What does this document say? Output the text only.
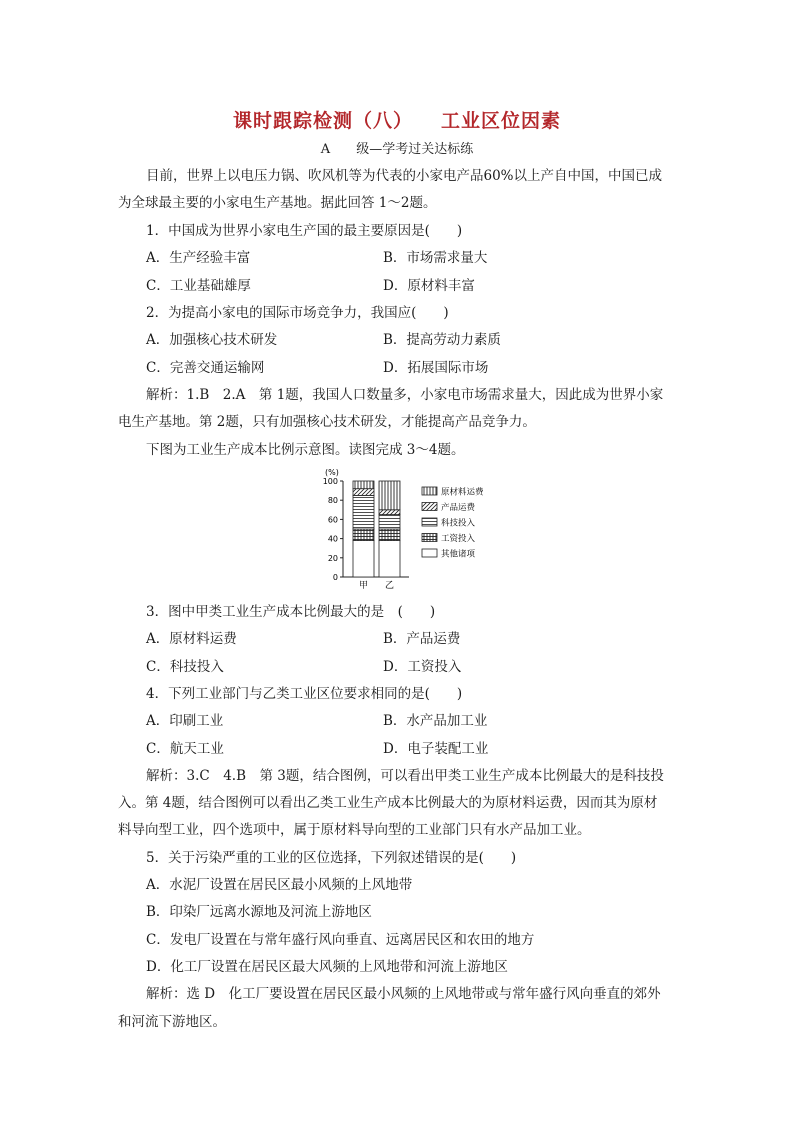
课时跟踪检测（八） 工业区位因素
A 级—学考过关达标练
目前，世界上以电压力锅、吹风机等为代表的小家电产品60%以上产自中国，中国已成
为全球最主要的小家电生产基地。据此回答 1～2题。
1．中国成为世界小家电生产国的最主要原因是(　　)
A．生产经验丰富	B．市场需求量大
C．工业基础雄厚	D．原材料丰富
2．为提高小家电的国际市场竞争力，我国应(　　)
A．加强核心技术研发	B．提高劳动力素质
C．完善交通运输网	D．拓展国际市场
解析：1.B　2.A　第 1题，我国人口数量多，小家电市场需求量大，因此成为世界小家
电生产基地。第 2题，只有加强核心技术研发，才能提高产品竞争力。
下图为工业生产成本比例示意图。读图完成 3～4题。
(%)
0
20
40
60
80
100
甲 乙
原材料运费
产品运费
科技投入
工资投入
其他诸项
3．图中甲类工业生产成本比例最大的是　(　　)
A．原材料运费	B．产品运费
C．科技投入	D．工资投入
4．下列工业部门与乙类工业区位要求相同的是(　　)
A．印刷工业	B．水产品加工业
C．航天工业	D．电子装配工业
解析：3.C　4.B　第 3题，结合图例，可以看出甲类工业生产成本比例最大的是科技投
入。第 4题，结合图例可以看出乙类工业生产成本比例最大的为原材料运费，因而其为原材
料导向型工业，四个选项中，属于原材料导向型的工业部门只有水产品加工业。
5．关于污染严重的工业的区位选择，下列叙述错误的是(　　)
A．水泥厂设置在居民区最小风频的上风地带
B．印染厂远离水源地及河流上游地区
C．发电厂设置在与常年盛行风向垂直、远离居民区和农田的地方
D．化工厂设置在居民区最大风频的上风地带和河流上游地区
解析：选 D　化工厂要设置在居民区最小风频的上风地带或与常年盛行风向垂直的郊外
和河流下游地区。
